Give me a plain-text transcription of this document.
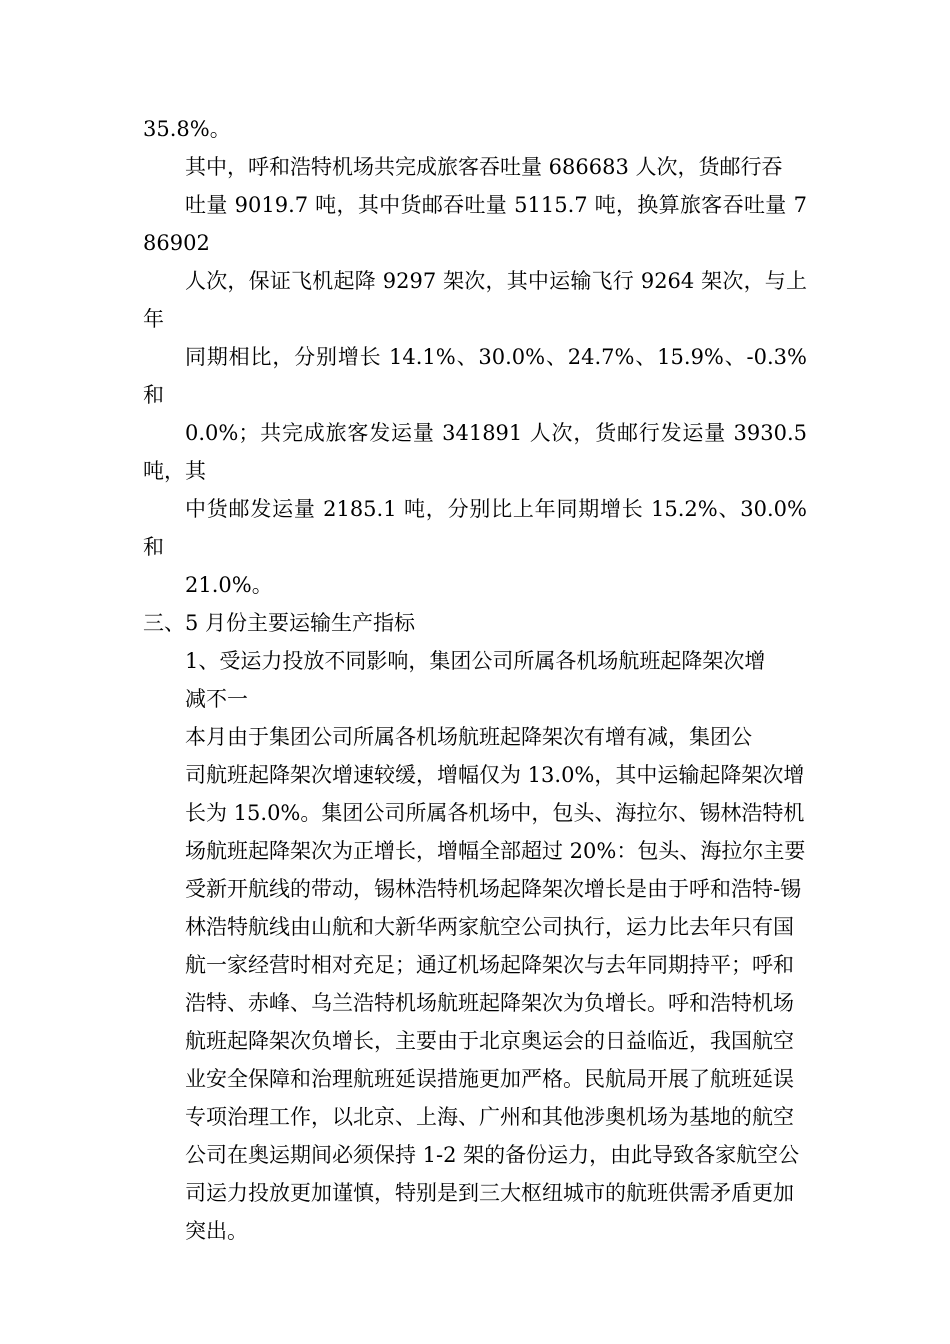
35.8%。

其中，呼和浩特机场共完成旅客吞吐量 686683 人次，货邮行吞
吐量 9019.7 吨，其中货邮吞吐量 5115.7 吨，换算旅客吞吐量 786902
人次，保证飞机起降 9297 架次，其中运输飞行 9264 架次，与上年
同期相比，分别增长 14.1%、30.0%、24.7%、15.9%、-0.3% 和
0.0%；共完成旅客发运量 341891 人次，货邮行发运量 3930.5 吨，其
中货邮发运量 2185.1 吨，分别比上年同期增长 15.2%、30.0% 和
21.0%。

三、5 月份主要运输生产指标

1、受运力投放不同影响，集团公司所属各机场航班起降架次增
减不一

本月由于集团公司所属各机场航班起降架次有增有减，集团公
司航班起降架次增速较缓，增幅仅为 13.0%，其中运输起降架次增
长为 15.0%。集团公司所属各机场中，包头、海拉尔、锡林浩特机
场航班起降架次为正增长，增幅全部超过 20%：包头、海拉尔主要
受新开航线的带动，锡林浩特机场起降架次增长是由于呼和浩特-锡
林浩特航线由山航和大新华两家航空公司执行，运力比去年只有国
航一家经营时相对充足；通辽机场起降架次与去年同期持平；呼和
浩特、赤峰、乌兰浩特机场航班起降架次为负增长。呼和浩特机场
航班起降架次负增长，主要由于北京奥运会的日益临近，我国航空
业安全保障和治理航班延误措施更加严格。民航局开展了航班延误
专项治理工作，以北京、上海、广州和其他涉奥机场为基地的航空
公司在奥运期间必须保持 1-2 架的备份运力，由此导致各家航空公
司运力投放更加谨慎，特别是到三大枢纽城市的航班供需矛盾更加
突出。
